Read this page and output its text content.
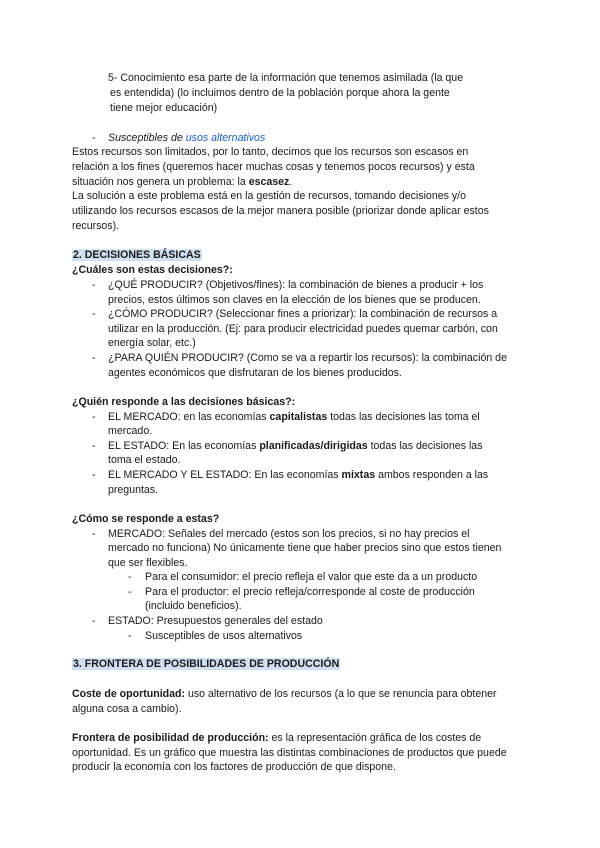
5- Conocimiento esa parte de la información que tenemos asimilada (la que
es entendida) (lo incluimos dentro de la población porque ahora la gente
tiene mejor educación)
- Susceptibles de usos alternativos
Estos recursos son limitados, por lo tanto, decimos que los recursos son escasos en
relación a los fines (queremos hacer muchas cosas y tenemos pocos recursos) y esta
situación nos genera un problema: la escasez.
La solución a este problema está en la gestión de recursos, tomando decisiones y/o
utilizando los recursos escasos de la mejor manera posible (priorizar donde aplicar estos
recursos).
2. DECISIONES BÁSICAS
¿Cuáles son estas decisiones?:
- ¿QUÉ PRODUCIR? (Objetivos/fines): la combinación de bienes a producir + los
precios, estos últimos son claves en la elección de los bienes que se producen.
- ¿CÓMO PRODUCIR? (Seleccionar fines a priorizar): la combinación de recursos a
utilizar en la producción. (Ej: para producir electricidad puedes quemar carbón, con
energía solar, etc.)
- ¿PARA QUIÉN PRODUCIR? (Como se va a repartir los recursos): la combinación de
agentes económicos que disfrutaran de los bienes producidos.
¿Quién responde a las decisiones básicas?:
- EL MERCADO: en las economías capitalistas todas las decisiones las toma el
mercado.
- EL ESTADO: En las economías planificadas/dirigidas todas las decisiones las
toma el estado.
- EL MERCADO Y EL ESTADO: En las economías mixtas ambos responden a las
preguntas.
¿Cómo se responde a estas?
- MERCADO: Señales del mercado (estos son los precios, si no hay precios el
mercado no funciona) No únicamente tiene que haber precios sino que estos tienen
que ser flexibles.
- Para el consumidor: el precio refleja el valor que este da a un producto
- Para el productor: el precio refleja/corresponde al coste de producción
(incluido beneficios).
- ESTADO: Presupuestos generales del estado
- Susceptibles de usos alternativos
3. FRONTERA DE POSIBILIDADES DE PRODUCCIÓN
Coste de oportunidad: uso alternativo de los recursos (a lo que se renuncia para obtener
alguna cosa a cambio).
Frontera de posibilidad de producción: es la representación gráfica de los costes de
oportunidad. Es un gráfico que muestra las distintas combinaciones de productos que puede
producir la economía con los factores de producción de que dispone.
